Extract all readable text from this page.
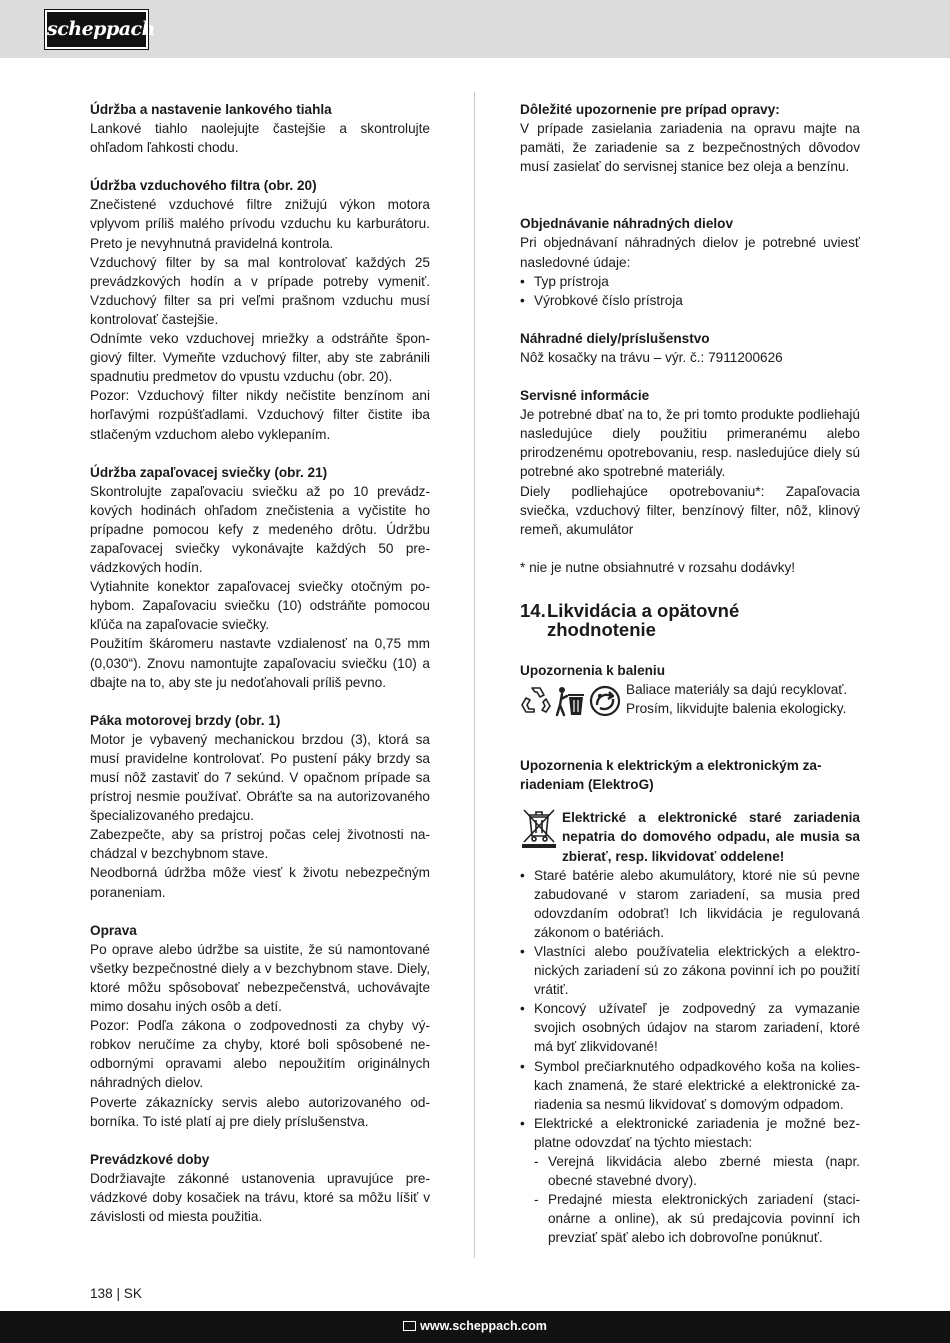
scheppach
Údržba a nastavenie lankového tiahla

Lankové tiahlo naolejujte častejšie a skontrolujte ohľadom ľahkosti chodu.

Údržba vzduchového filtra (obr. 20)

Znečistené vzduchové filtre znižujú výkon motora vplyvom príliš malého prívodu vzduchu ku karburátoru. Preto je nevyhnutná pravidelná kontrola.

Vzduchový filter by sa mal kontrolovať každých 25 prevádzkových hodín a v prípade potreby vymeniť. Vzduchový filter sa pri veľmi prašnom vzduchu musí kontrolovať častejšie.

Odnímte veko vzduchovej mriežky a odstráňte špongiový filter. Vymeňte vzduchový filter, aby ste zabránili spadnutiu predmetov do vpustu vzduchu (obr. 20).

Pozor: Vzduchový filter nikdy nečistite benzínom ani horľavými rozpúšťadlami. Vzduchový filter čistite iba stlačeným vzduchom alebo vyklepaním.

Údržba zapaľovacej sviečky (obr. 21)

Skontrolujte zapaľovaciu sviečku až po 10 prevádzkových hodinách ohľadom znečistenia a vyčistite ho prípadne pomocou kefy z medeného drôtu. Údržbu zapaľovacej sviečky vykonávajte každých 50 prevádzkových hodín.

Vytiahnite konektor zapaľovacej sviečky otočným pohybom. Zapaľovaciu sviečku (10) odstráňte pomocou kľúča na zapaľovacie sviečky.

Použitím škáromeru nastavte vzdialenosť na 0,75 mm (0,030“). Znovu namontujte zapaľovaciu sviečku (10) a dbajte na to, aby ste ju nedoťahovali príliš pevno.

Páka motorovej brzdy (obr. 1)

Motor je vybavený mechanickou brzdou (3), ktorá sa musí pravidelne kontrolovať. Po pustení páky brzdy sa musí nôž zastaviť do 7 sekúnd. V opačnom prípade sa prístroj nesmie používať. Obráťte sa na autorizovaného špecializovaného predajcu.

Zabezpečte, aby sa prístroj počas celej životnosti nachádzal v bezchybnom stave.

Neodborná údržba môže viesť k životu nebezpečným poraneniam.

Oprava

Po oprave alebo údržbe sa uistite, že sú namontované všetky bezpečnostné diely a v bezchybnom stave. Diely, ktoré môžu spôsobovať nebezpečenstvá, uchovávajte mimo dosahu iných osôb a detí.

Pozor: Podľa zákona o zodpovednosti za chyby výrobkov neručíme za chyby, ktoré boli spôsobené neodbornými opravami alebo nepoužitím originálnych náhradných dielov.

Poverte zákaznícky servis alebo autorizovaného odborníka. To isté platí aj pre diely príslušenstva.

Prevádzkové doby

Dodržiavajte zákonné ustanovenia upravujúce prevádzkové doby kosačiek na trávu, ktoré sa môžu líšiť v závislosti od miesta použitia.

Dôležité upozornenie pre prípad opravy:

V prípade zasielania zariadenia na opravu majte na pamäti, že zariadenie sa z bezpečnostných dôvodov musí zasielať do servisnej stanice bez oleja a benzínu.

Objednávanie náhradných dielov

Pri objednávaní náhradných dielov je potrebné uviesť nasledovné údaje:

• Typ prístroja
• Výrobkové číslo prístroja
Náhradné diely/príslušenstvo

Nôž kosačky na trávu – výr. č.: 7911200626

Servisné informácie

Je potrebné dbať na to, že pri tomto produkte podliehajú nasledujúce diely použitiu primeranému alebo prirodzenému opotrebovaniu, resp. nasledujúce diely sú potrebné ako spotrebné materiály.

Diely podliehajúce opotrebovaniu*: Zapaľovacia sviečka, vzduchový filter, benzínový filter, nôž, klinový remeň, akumulátor

* nie je nutne obsiahnutré v rozsahu dodávky!

14. Likvidácia a opätovné
zhodnotenie
Upozornenia k baleniu
Baliace materiály sa dajú recyklovať.
Prosím, likvidujte balenia ekologicky.
Upozornenia k elektrickým a elektronickým zariadeniam (ElektroG)
Elektrické a elektronické staré zariadenia nepatria do domového odpadu, ale musia sa zbierať, resp. likvidovať oddelene!
• Staré batérie alebo akumulátory, ktoré nie sú pevne zabudované v starom zariadení, sa musia pred odovzdaním odobrať! Ich likvidácia je regulovaná zákonom o batériách.
• Vlastníci alebo používatelia elektrických a elektronických zariadení sú zo zákona povinní ich po použití vrátiť.
• Koncový užívateľ je zodpovedný za vymazanie svojich osobných údajov na starom zariadení, ktoré má byť zlikvidované!
• Symbol prečiarknutého odpadkového koša na kolieskach znamená, že staré elektrické a elektronické zariadenia sa nesmú likvidovať s domovým odpadom.
• Elektrické a elektronické zariadenia je možné bezplatne odovzdať na týchto miestach:
- Verejná likvidácia alebo zberné miesta (napr. obecné stavebné dvory).
- Predajné miesta elektronických zariadení (stacionárne a online), ak sú predajcovia povinní ich prevziať späť alebo ich dobrovoľne ponúknuť.
138 | SK
www.scheppach.com
